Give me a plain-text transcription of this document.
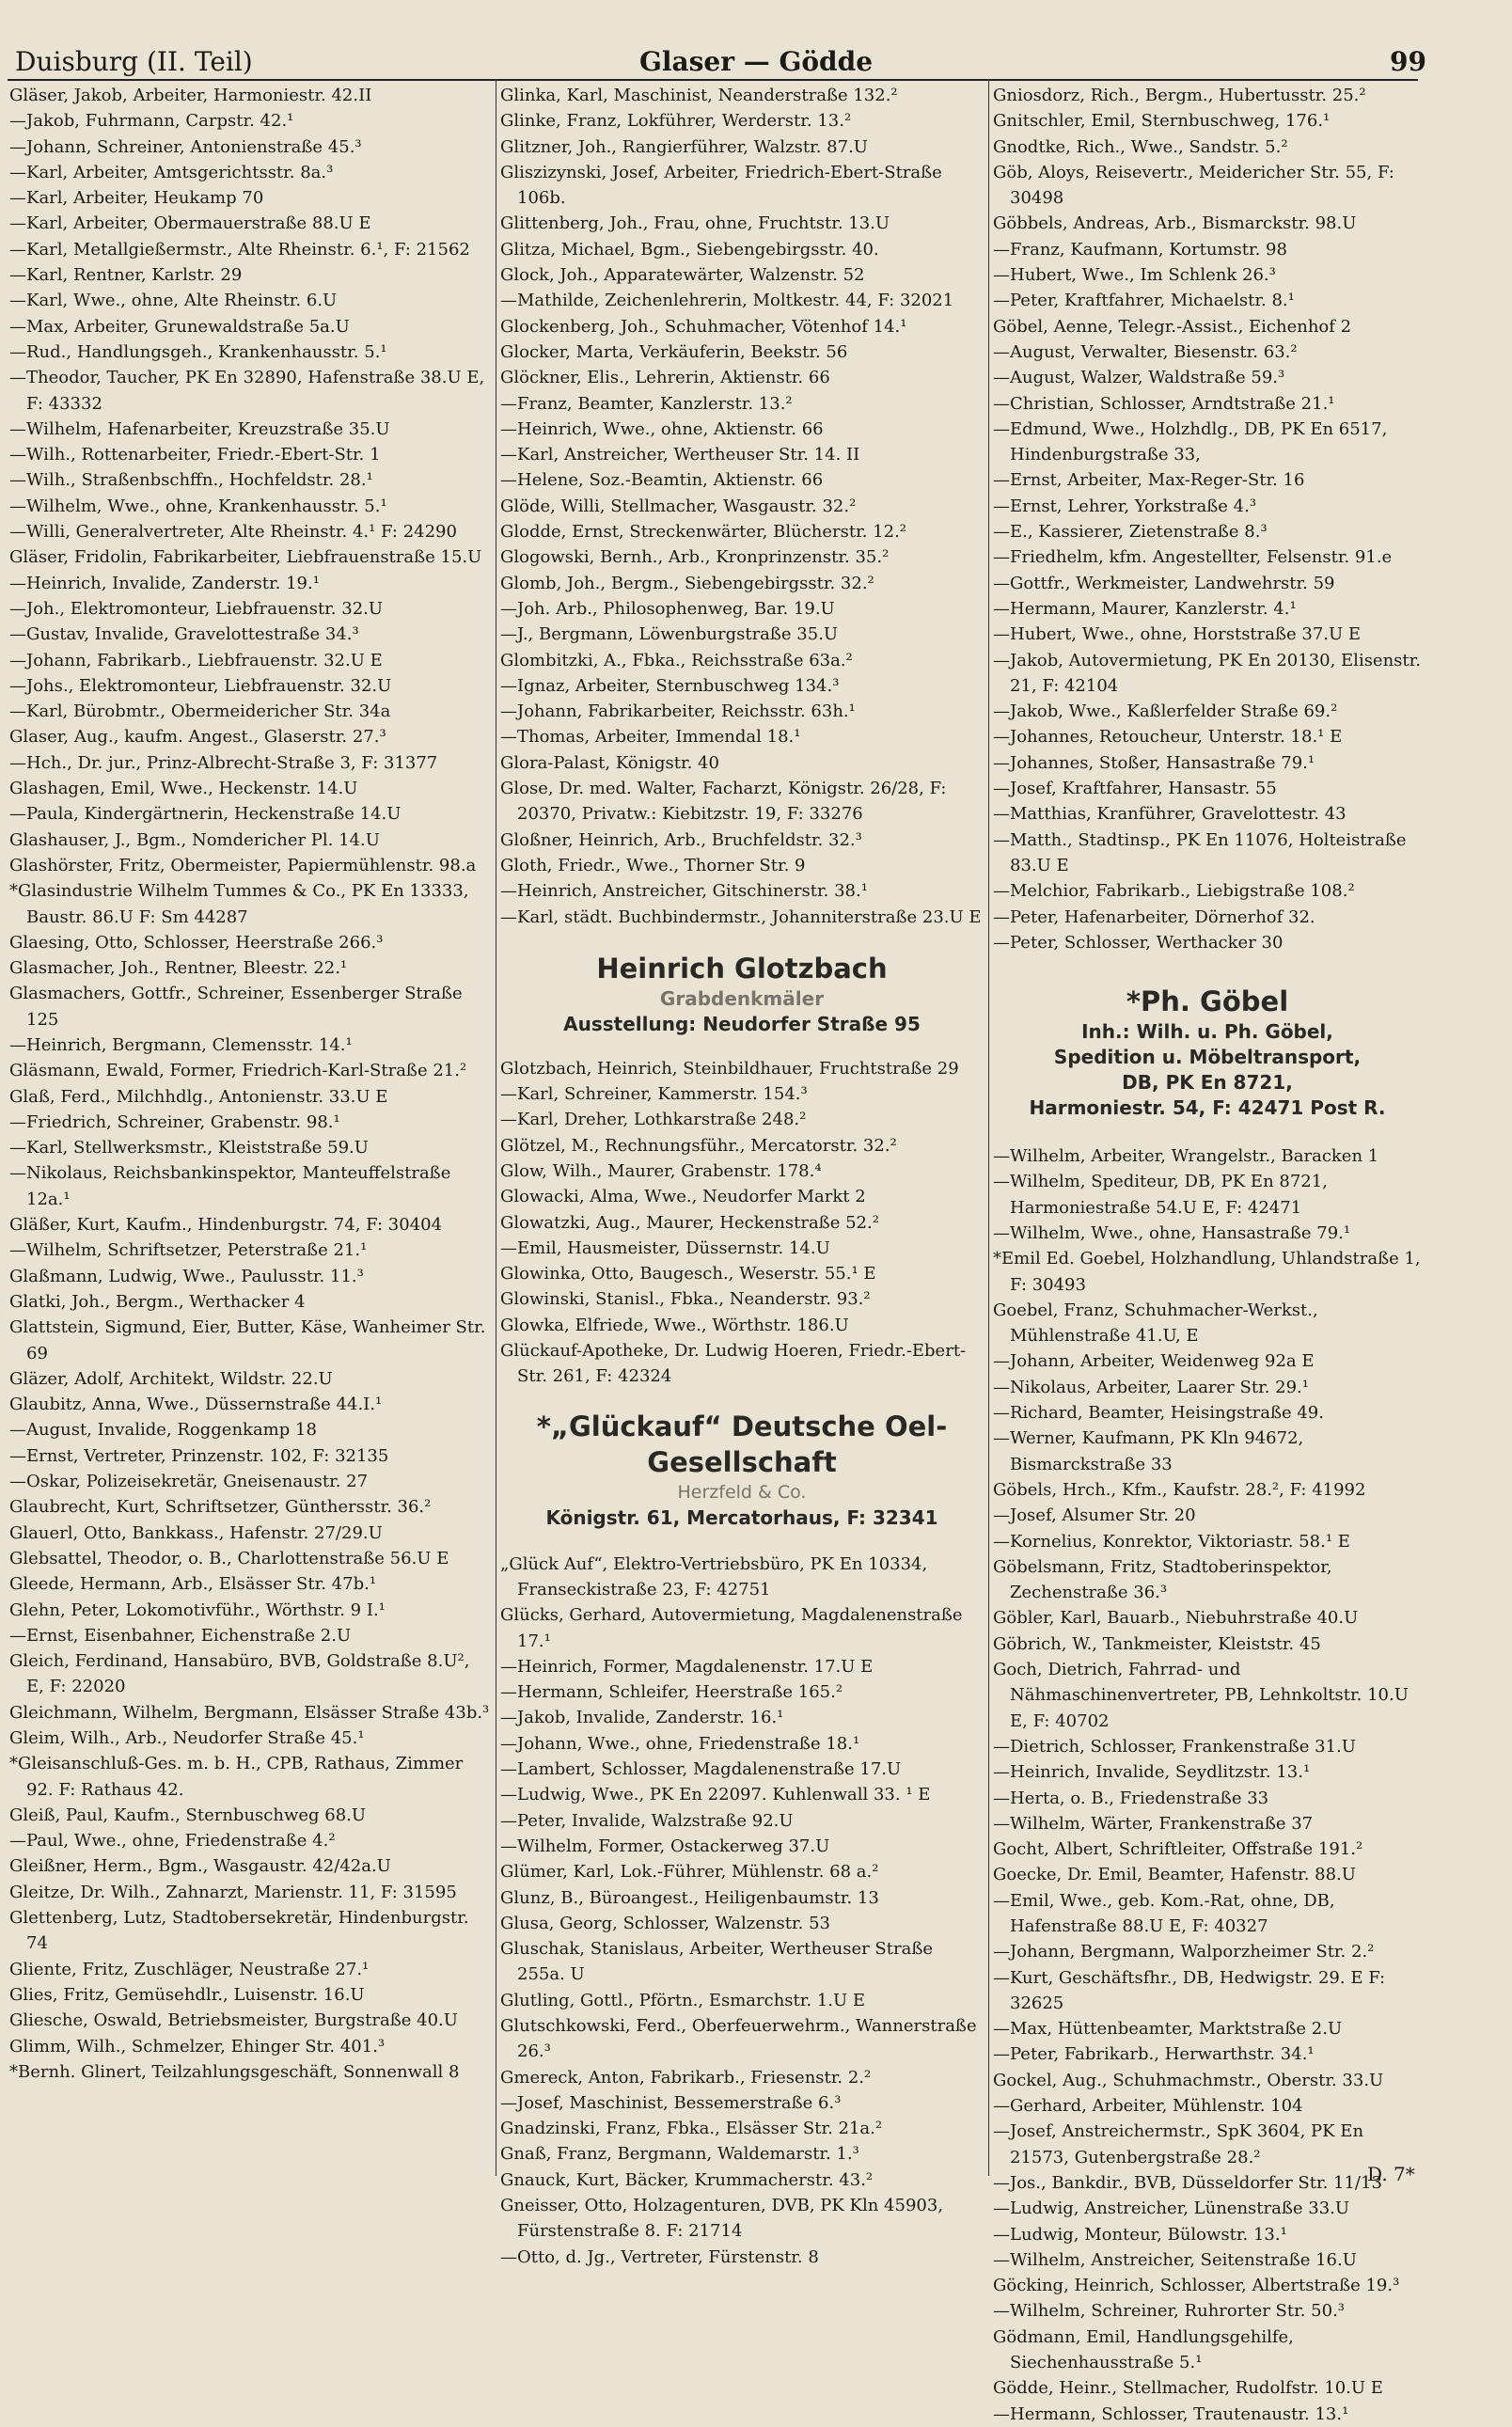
Duisburg (II. Teil)	Glaser — Gödde	99
Gläser, Jakob, Arbeiter, Harmoniestr. 42.II
—Jakob, Fuhrmann, Carpstr. 42.¹
—Johann, Schreiner, Antonienstraße 45.³
—Karl, Arbeiter, Amtsgerichtsstr. 8a.³
—Karl, Arbeiter, Heukamp 70
—Karl, Arbeiter, Obermauerstraße 88.U E
—Karl, Metallgießermstr., Alte Rheinstr. 6.¹, F: 21562
—Karl, Rentner, Karlstr. 29
—Karl, Wwe., ohne, Alte Rheinstr. 6.U
—Max, Arbeiter, Grunewaldstraße 5a.U
—Rud., Handlungsgeh., Krankenhausstr. 5.¹
—Theodor, Taucher, PK En 32890, Hafenstraße 38.U E, F: 43332
—Wilhelm, Hafenarbeiter, Kreuzstraße 35.U
—Wilh., Rottenarbeiter, Friedr.-Ebert-Str. 1
—Wilh., Straßenbschffn., Hochfeldstr. 28.¹
—Wilhelm, Wwe., ohne, Krankenhausstr. 5.¹
—Willi, Generalvertreter, Alte Rheinstr. 4.¹ F: 24290
Gläser, Fridolin, Fabrikarbeiter, Liebfrauenstraße 15.U
—Heinrich, Invalide, Zanderstr. 19.¹
—Joh., Elektromonteur, Liebfrauenstr. 32.U
—Gustav, Invalide, Gravelottestraße 34.³
—Johann, Fabrikarb., Liebfrauenstr. 32.U E
—Johs., Elektromonteur, Liebfrauenstr. 32.U
—Karl, Bürobmtr., Obermeidericher Str. 34a
Glaser, Aug., kaufm. Angest., Glaserstr. 27.³
—Hch., Dr. jur., Prinz-Albrecht-Straße 3, F: 31377
Glashagen, Emil, Wwe., Heckenstr. 14.U
—Paula, Kindergärtnerin, Heckenstraße 14.U
Glashauser, J., Bgm., Nomdericher Pl. 14.U
Glashörster, Fritz, Obermeister, Papiermühlenstr. 98.a
*Glasindustrie Wilhelm Tummes & Co., PK En 13333, Baustr. 86.U F: Sm 44287
Glaesing, Otto, Schlosser, Heerstraße 266.³
Glasmacher, Joh., Rentner, Bleestr. 22.¹
Glasmachers, Gottfr., Schreiner, Essenberger Straße 125
—Heinrich, Bergmann, Clemensstr. 14.¹
Gläsmann, Ewald, Former, Friedrich-Karl-Straße 21.²
Glaß, Ferd., Milchhdlg., Antonienstr. 33.U E
—Friedrich, Schreiner, Grabenstr. 98.¹
—Karl, Stellwerksmstr., Kleiststraße 59.U
—Nikolaus, Reichsbankinspektor, Manteuffelstraße 12a.¹
Gläßer, Kurt, Kaufm., Hindenburgstr. 74, F: 30404
—Wilhelm, Schriftsetzer, Peterstraße 21.¹
Glaßmann, Ludwig, Wwe., Paulusstr. 11.³
Glatki, Joh., Bergm., Werthacker 4
Glattstein, Sigmund, Eier, Butter, Käse, Wanheimer Str. 69
Gläzer, Adolf, Architekt, Wildstr. 22.U
Glaubitz, Anna, Wwe., Düssernstraße 44.I.¹
—August, Invalide, Roggenkamp 18
—Ernst, Vertreter, Prinzenstr. 102, F: 32135
—Oskar, Polizeisekretär, Gneisenaustr. 27
Glaubrecht, Kurt, Schriftsetzer, Günthersstr. 36.²
Glauerl, Otto, Bankkass., Hafenstr. 27/29.U
Glebsattel, Theodor, o. B., Charlottenstraße 56.U E
Gleede, Hermann, Arb., Elsässer Str. 47b.¹
Glehn, Peter, Lokomotivführ., Wörthstr. 9 I.¹
—Ernst, Eisenbahner, Eichenstraße 2.U
Gleich, Ferdinand, Hansabüro, BVB, Goldstraße 8.U², E, F: 22020
Gleichmann, Wilhelm, Bergmann, Elsässer Straße 43b.³
Gleim, Wilh., Arb., Neudorfer Straße 45.¹
*Gleisanschluß-Ges. m. b. H., CPB, Rathaus, Zimmer 92. F: Rathaus 42.
Gleiß, Paul, Kaufm., Sternbuschweg 68.U
—Paul, Wwe., ohne, Friedenstraße 4.²
Gleißner, Herm., Bgm., Wasgaustr. 42/42a.U
Gleitze, Dr. Wilh., Zahnarzt, Marienstr. 11, F: 31595
Glettenberg, Lutz, Stadtobersekretär, Hindenburgstr. 74
Gliente, Fritz, Zuschläger, Neustraße 27.¹
Glies, Fritz, Gemüsehdlr., Luisenstr. 16.U
Gliesche, Oswald, Betriebsmeister, Burgstraße 40.U
Glimm, Wilh., Schmelzer, Ehinger Str. 401.³
*Bernh. Glinert, Teilzahlungsgeschäft, Sonnenwall 8
Glinka, Karl, Maschinist, Neanderstraße 132.²
Glinke, Franz, Lokführer, Werderstr. 13.²
Glitzner, Joh., Rangierführer, Walzstr. 87.U
Gliszizynski, Josef, Arbeiter, Friedrich-Ebert-Straße 106b.
Glittenberg, Joh., Frau, ohne, Fruchtstr. 13.U
Glitza, Michael, Bgm., Siebengebirgsstr. 40.
Glock, Joh., Apparatewärter, Walzenstr. 52
—Mathilde, Zeichenlehrerin, Moltkestr. 44, F: 32021
Glockenberg, Joh., Schuhmacher, Vötenhof 14.¹
Glocker, Marta, Verkäuferin, Beekstr. 56
Glöckner, Elis., Lehrerin, Aktienstr. 66
—Franz, Beamter, Kanzlerstr. 13.²
—Heinrich, Wwe., ohne, Aktienstr. 66
—Karl, Anstreicher, Wertheuser Str. 14. II
—Helene, Soz.-Beamtin, Aktienstr. 66
Glöde, Willi, Stellmacher, Wasgaustr. 32.²
Glodde, Ernst, Streckenwärter, Blücherstr. 12.²
Glogowski, Bernh., Arb., Kronprinzenstr. 35.²
Glomb, Joh., Bergm., Siebengebirgsstr. 32.²
—Joh. Arb., Philosophenweg, Bar. 19.U
—J., Bergmann, Löwenburgstraße 35.U
Glombitzki, A., Fbka., Reichsstraße 63a.²
—Ignaz, Arbeiter, Sternbuschweg 134.³
—Johann, Fabrikarbeiter, Reichsstr. 63h.¹
—Thomas, Arbeiter, Immendal 18.¹
Glora-Palast, Königstr. 40
Glose, Dr. med. Walter, Facharzt, Königstr. 26/28, F: 20370, Privatw.: Kiebitzstr. 19, F: 33276
Gloßner, Heinrich, Arb., Bruchfeldstr. 32.³
Gloth, Friedr., Wwe., Thorner Str. 9
—Heinrich, Anstreicher, Gitschinerstr. 38.¹
—Karl, städt. Buchbindermstr., Johanniterstraße 23.U E
Heinrich Glotzbach
Grabdenkmäler
Ausstellung: Neudorfer Straße 95
Glotzbach, Heinrich, Steinbildhauer, Fruchtstraße 29
—Karl, Schreiner, Kammerstr. 154.³
—Karl, Dreher, Lothkarstraße 248.²
Glötzel, M., Rechnungsführ., Mercatorstr. 32.²
Glow, Wilh., Maurer, Grabenstr. 178.⁴
Glowacki, Alma, Wwe., Neudorfer Markt 2
Glowatzki, Aug., Maurer, Heckenstraße 52.²
—Emil, Hausmeister, Düssernstr. 14.U
Glowinka, Otto, Baugesch., Weserstr. 55.¹ E
Glowinski, Stanisl., Fbka., Neanderstr. 93.²
Glowka, Elfriede, Wwe., Wörthstr. 186.U
Glückauf-Apotheke, Dr. Ludwig Hoeren, Friedr.-Ebert-Str. 261, F: 42324
*„Glückauf“ Deutsche Oel-Gesellschaft
Herzfeld & Co.
Königstr. 61, Mercatorhaus, F: 32341
„Glück Auf“, Elektro-Vertriebsbüro, PK En 10334, Franseckistraße 23, F: 42751
Glücks, Gerhard, Autovermietung, Magdalenenstraße 17.¹
—Heinrich, Former, Magdalenenstr. 17.U E
—Hermann, Schleifer, Heerstraße 165.²
—Jakob, Invalide, Zanderstr. 16.¹
—Johann, Wwe., ohne, Friedenstraße 18.¹
—Lambert, Schlosser, Magdalenenstraße 17.U
—Ludwig, Wwe., PK En 22097. Kuhlenwall 33. ¹ E
—Peter, Invalide, Walzstraße 92.U
—Wilhelm, Former, Ostackerweg 37.U
Glümer, Karl, Lok.-Führer, Mühlenstr. 68 a.²
Glunz, B., Büroangest., Heiligenbaumstr. 13
Glusa, Georg, Schlosser, Walzenstr. 53
Gluschak, Stanislaus, Arbeiter, Wertheuser Straße 255a. U
Glutling, Gottl., Pförtn., Esmarchstr. 1.U E
Glutschkowski, Ferd., Oberfeuerwehrm., Wannerstraße 26.³
Gmereck, Anton, Fabrikarb., Friesenstr. 2.²
—Josef, Maschinist, Bessemerstraße 6.³
Gnadzinski, Franz, Fbka., Elsässer Str. 21a.²
Gnaß, Franz, Bergmann, Waldemarstr. 1.³
Gnauck, Kurt, Bäcker, Krummacherstr. 43.²
Gneisser, Otto, Holzagenturen, DVB, PK Kln 45903, Fürstenstraße 8. F: 21714
—Otto, d. Jg., Vertreter, Fürstenstr. 8
Gniosdorz, Rich., Bergm., Hubertusstr. 25.²
Gnitschler, Emil, Sternbuschweg, 176.¹
Gnodtke, Rich., Wwe., Sandstr. 5.²
Göb, Aloys, Reisevertr., Meidericher Str. 55, F: 30498
Göbbels, Andreas, Arb., Bismarckstr. 98.U
—Franz, Kaufmann, Kortumstr. 98
—Hubert, Wwe., Im Schlenk 26.³
—Peter, Kraftfahrer, Michaelstr. 8.¹
Göbel, Aenne, Telegr.-Assist., Eichenhof 2
—August, Verwalter, Biesenstr. 63.²
—August, Walzer, Waldstraße 59.³
—Christian, Schlosser, Arndtstraße 21.¹
—Edmund, Wwe., Holzhdlg., DB, PK En 6517, Hindenburgstraße 33,
—Ernst, Arbeiter, Max-Reger-Str. 16
—Ernst, Lehrer, Yorkstraße 4.³
—E., Kassierer, Zietenstraße 8.³
—Friedhelm, kfm. Angestellter, Felsenstr. 91.e
—Gottfr., Werkmeister, Landwehrstr. 59
—Hermann, Maurer, Kanzlerstr. 4.¹
—Hubert, Wwe., ohne, Horststraße 37.U E
—Jakob, Autovermietung, PK En 20130, Elisenstr. 21, F: 42104
—Jakob, Wwe., Kaßlerfelder Straße 69.²
—Johannes, Retoucheur, Unterstr. 18.¹ E
—Johannes, Stoßer, Hansastraße 79.¹
—Josef, Kraftfahrer, Hansastr. 55
—Matthias, Kranführer, Gravelottestr. 43
—Matth., Stadtinsp., PK En 11076, Holteistraße 83.U E
—Melchior, Fabrikarb., Liebigstraße 108.²
—Peter, Hafenarbeiter, Dörnerhof 32.
—Peter, Schlosser, Werthacker 30
*Ph. Göbel
Inh.: Wilh. u. Ph. Göbel,
Spedition u. Möbeltransport,
DB, PK En 8721,
Harmoniestr. 54, F: 42471 Post R.
—Wilhelm, Arbeiter, Wrangelstr., Baracken 1
—Wilhelm, Spediteur, DB, PK En 8721, Harmoniestraße 54.U E, F: 42471
—Wilhelm, Wwe., ohne, Hansastraße 79.¹
*Emil Ed. Goebel, Holzhandlung, Uhlandstraße 1, F: 30493
Goebel, Franz, Schuhmacher-Werkst., Mühlenstraße 41.U, E
—Johann, Arbeiter, Weidenweg 92a E
—Nikolaus, Arbeiter, Laarer Str. 29.¹
—Richard, Beamter, Heisingstraße 49.
—Werner, Kaufmann, PK Kln 94672, Bismarckstraße 33
Göbels, Hrch., Kfm., Kaufstr. 28.², F: 41992
—Josef, Alsumer Str. 20
—Kornelius, Konrektor, Viktoriastr. 58.¹ E
Göbelsmann, Fritz, Stadtoberinspektor, Zechenstraße 36.³
Göbler, Karl, Bauarb., Niebuhrstraße 40.U
Göbrich, W., Tankmeister, Kleiststr. 45
Goch, Dietrich, Fahrrad- und Nähmaschinenvertreter, PB, Lehnkoltstr. 10.U E, F: 40702
—Dietrich, Schlosser, Frankenstraße 31.U
—Heinrich, Invalide, Seydlitzstr. 13.¹
—Herta, o. B., Friedenstraße 33
—Wilhelm, Wärter, Frankenstraße 37
Gocht, Albert, Schriftleiter, Offstraße 191.²
Goecke, Dr. Emil, Beamter, Hafenstr. 88.U
—Emil, Wwe., geb. Kom.-Rat, ohne, DB, Hafenstraße 88.U E, F: 40327
—Johann, Bergmann, Walporzheimer Str. 2.²
—Kurt, Geschäftsfhr., DB, Hedwigstr. 29. E F: 32625
—Max, Hüttenbeamter, Marktstraße 2.U
—Peter, Fabrikarb., Herwarthstr. 34.¹
Gockel, Aug., Schuhmachmstr., Oberstr. 33.U
—Gerhard, Arbeiter, Mühlenstr. 104
—Josef, Anstreichermstr., SpK 3604, PK En 21573, Gutenbergstraße 28.²
—Jos., Bankdir., BVB, Düsseldorfer Str. 11/13
—Ludwig, Anstreicher, Lünenstraße 33.U
—Ludwig, Monteur, Bülowstr. 13.¹
—Wilhelm, Anstreicher, Seitenstraße 16.U
Göcking, Heinrich, Schlosser, Albertstraße 19.³
—Wilhelm, Schreiner, Ruhrorter Str. 50.³
Gödmann, Emil, Handlungsgehilfe, Siechenhausstraße 5.¹
Gödde, Heinr., Stellmacher, Rudolfstr. 10.U E
—Hermann, Schlosser, Trautenaustr. 13.¹
D. 7*
